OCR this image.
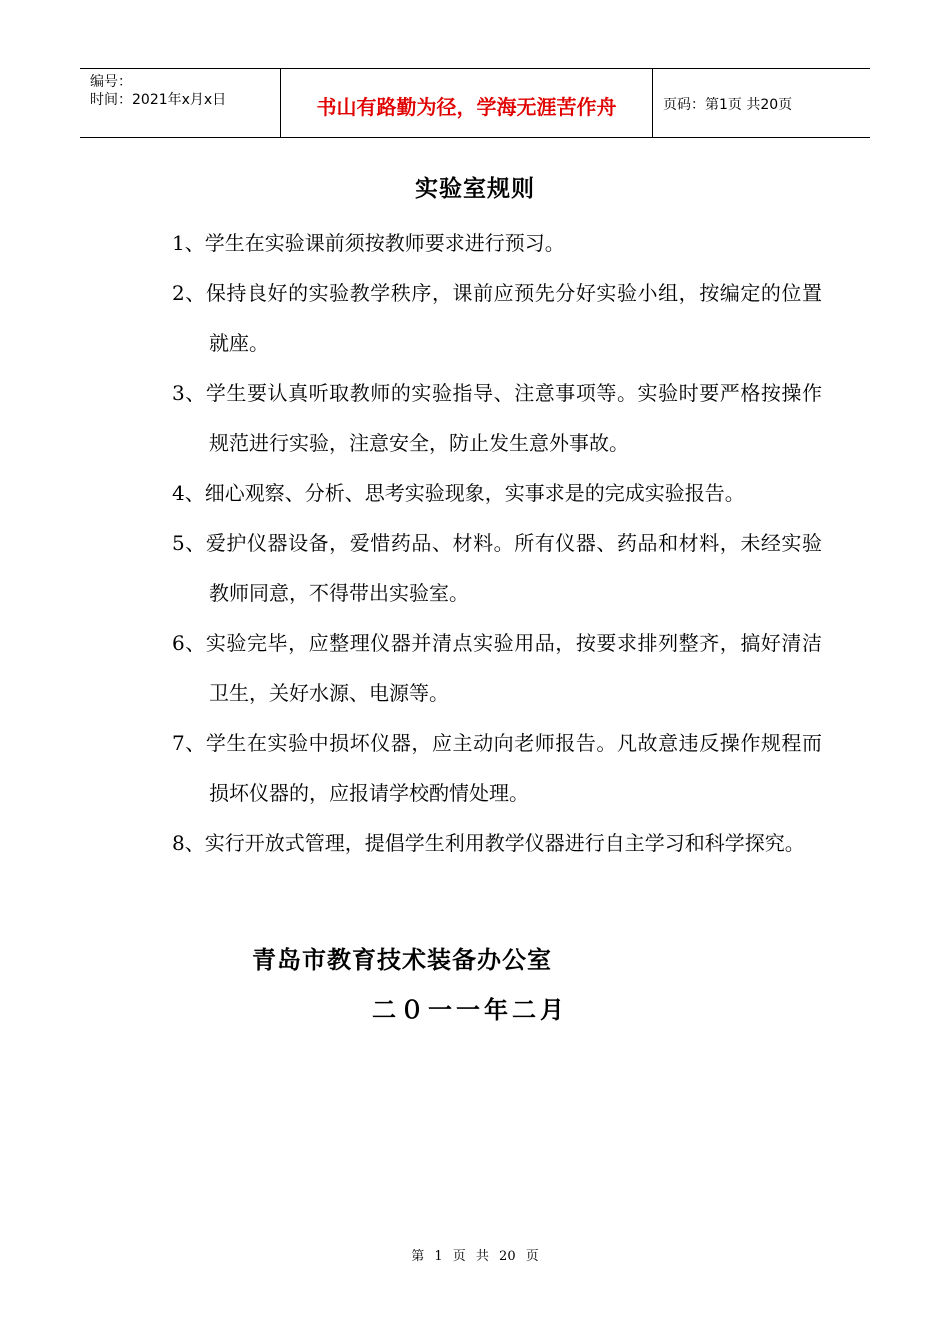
编号：
时间：2021年x月x日	书山有路勤为径，学海无涯苦作舟	页码：第1页 共20页
实验室规则
1、学生在实验课前须按教师要求进行预习。
2、保持良好的实验教学秩序，课前应预先分好实验小组，按编定的位置就座。
3、学生要认真听取教师的实验指导、注意事项等。实验时要严格按操作规范进行实验，注意安全，防止发生意外事故。
4、细心观察、分析、思考实验现象，实事求是的完成实验报告。
5、爱护仪器设备，爱惜药品、材料。所有仪器、药品和材料，未经实验教师同意，不得带出实验室。
6、实验完毕，应整理仪器并清点实验用品，按要求排列整齐，搞好清洁卫生，关好水源、电源等。
7、学生在实验中损坏仪器，应主动向老师报告。凡故意违反操作规程而损坏仪器的，应报请学校酌情处理。
8、实行开放式管理，提倡学生利用教学仪器进行自主学习和科学探究。
青岛市教育技术装备办公室
二０一一年二月
第 1 页 共 20 页
